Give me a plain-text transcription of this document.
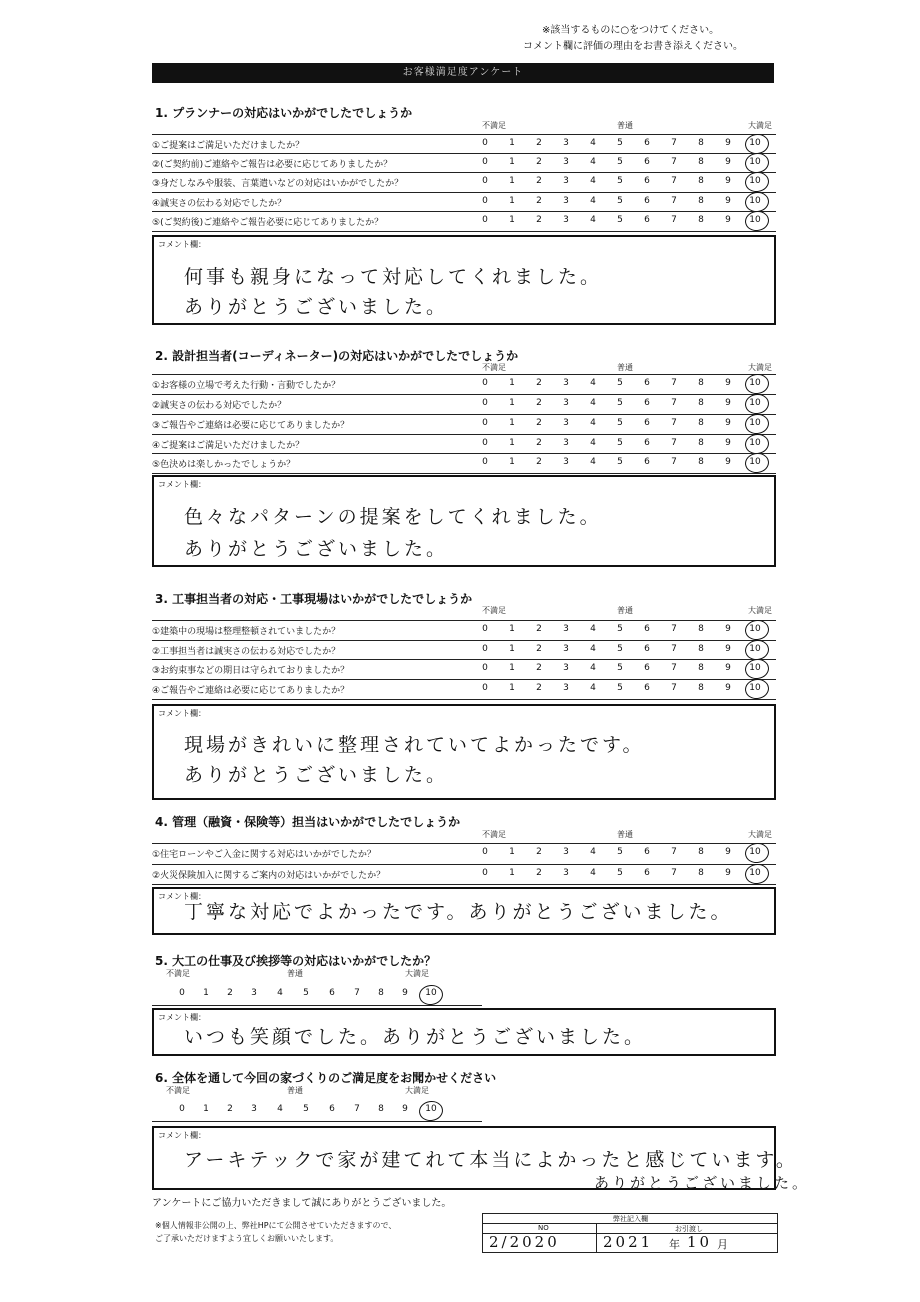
※該当するものに○をつけてください。
コメント欄に評価の理由をお書き添えください。
お客様満足度アンケート
1. プランナーの対応はいかがでしたでしょうか
不満足	普通	大満足
①ご提案はご満足いただけましたか？	0	1	2	3	4	5	6	7	8	9	10
②(ご契約前)ご連絡やご報告は必要に応じてありましたか？	0	1	2	3	4	5	6	7	8	9	10
③身だしなみや服装、言葉遣いなどの対応はいかがでしたか？	0	1	2	3	4	5	6	7	8	9	10
④誠実さの伝わる対応でしたか？	0	1	2	3	4	5	6	7	8	9	10
⑤(ご契約後)ご連絡やご報告必要に応じてありましたか？	0	1	2	3	4	5	6	7	8	9	10
コメント欄：
何事も親身になって対応してくれました。
ありがとうございました。
2. 設計担当者(コーディネーター)の対応はいかがでしたでしょうか
不満足	普通	大満足
①お客様の立場で考えた行動・言動でしたか？	0	1	2	3	4	5	6	7	8	9	10
②誠実さの伝わる対応でしたか？	0	1	2	3	4	5	6	7	8	9	10
③ご報告やご連絡は必要に応じてありましたか？	0	1	2	3	4	5	6	7	8	9	10
④ご提案はご満足いただけましたか？	0	1	2	3	4	5	6	7	8	9	10
⑤色決めは楽しかったでしょうか？	0	1	2	3	4	5	6	7	8	9	10
コメント欄：
色々なパターンの提案をしてくれました。
ありがとうございました。
3. 工事担当者の対応・工事現場はいかがでしたでしょうか
不満足	普通	大満足
①建築中の現場は整理整頓されていましたか？	0	1	2	3	4	5	6	7	8	9	10
②工事担当者は誠実さの伝わる対応でしたか？	0	1	2	3	4	5	6	7	8	9	10
③お約束事などの期日は守られておりましたか？	0	1	2	3	4	5	6	7	8	9	10
④ご報告やご連絡は必要に応じてありましたか？	0	1	2	3	4	5	6	7	8	9	10
コメント欄：
現場がきれいに整理されていてよかったです。
ありがとうございました。
4. 管理（融資・保険等）担当はいかがでしたでしょうか
不満足	普通	大満足
①住宅ローンやご入金に関する対応はいかがでしたか？	0	1	2	3	4	5	6	7	8	9	10
②火災保険加入に関するご案内の対応はいかがでしたか？	0	1	2	3	4	5	6	7	8	9	10
コメント欄：
丁寧な対応でよかったです。ありがとうございました。
5. 大工の仕事及び挨拶等の対応はいかがでしたか？
不満足	普通	大満足
0	1	2	3	4	5	6	7	8	9	10
コメント欄：
いつも笑顔でした。ありがとうございました。
6. 全体を通して今回の家づくりのご満足度をお聞かせください
不満足	普通	大満足
0	1	2	3	4	5	6	7	8	9	10
コメント欄：
アーキテックで家が建てれて本当によかったと感じています。
ありがとうございました。
アンケートにご協力いただきまして誠にありがとうございました。
※個人情報非公開の上、弊社HPにて公開させていただきますので、
ご了承いただけますよう宜しくお願いいたします。
弊社記入欄
NO	お引渡し
2/2020	2021 年 10 月
